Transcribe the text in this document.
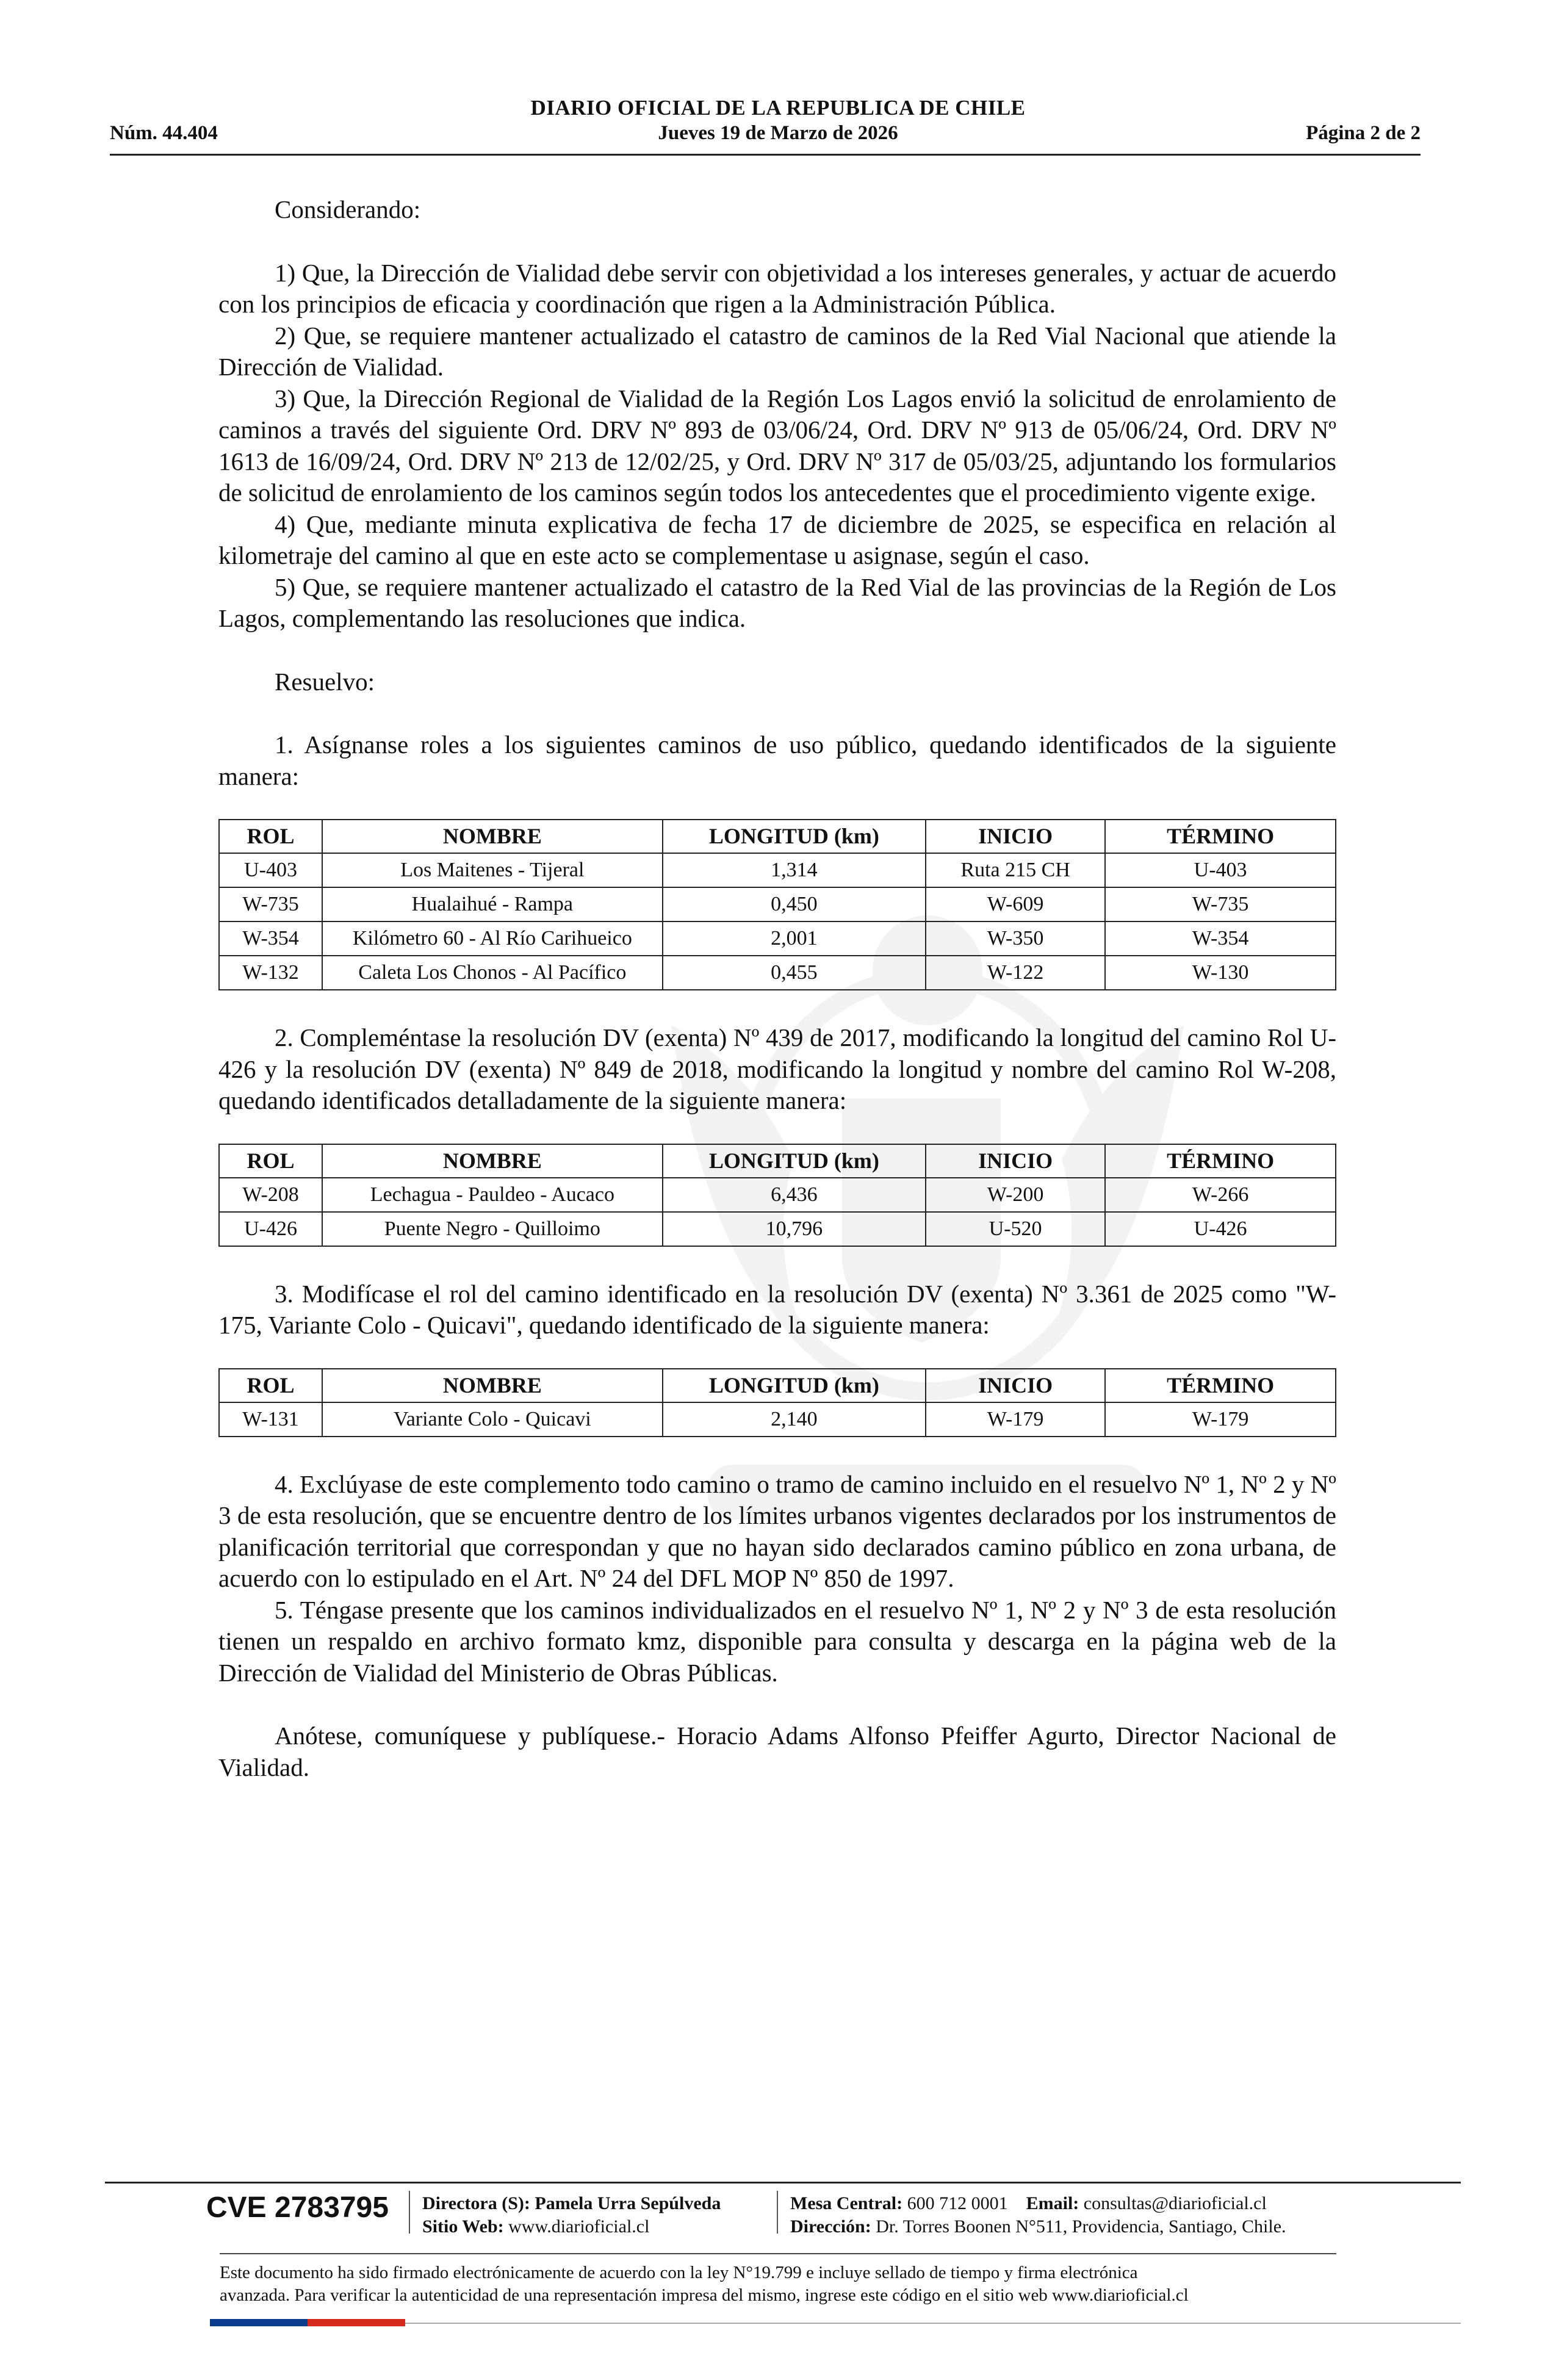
DIARIO OFICIAL DE LA REPUBLICA DE CHILE
Núm. 44.404	Jueves 19 de Marzo de 2026	Página 2 de 2

Considerando:

1) Que, la Dirección de Vialidad debe servir con objetividad a los intereses generales, y actuar de acuerdo con los principios de eficacia y coordinación que rigen a la Administración Pública.

2) Que, se requiere mantener actualizado el catastro de caminos de la Red Vial Nacional que atiende la Dirección de Vialidad.

3) Que, la Dirección Regional de Vialidad de la Región Los Lagos envió la solicitud de enrolamiento de caminos a través del siguiente Ord. DRV Nº 893 de 03/06/24, Ord. DRV Nº 913 de 05/06/24, Ord. DRV Nº 1613 de 16/09/24, Ord. DRV Nº 213 de 12/02/25, y Ord. DRV Nº 317 de 05/03/25, adjuntando los formularios de solicitud de enrolamiento de los caminos según todos los antecedentes que el procedimiento vigente exige.

4) Que, mediante minuta explicativa de fecha 17 de diciembre de 2025, se especifica en relación al kilometraje del camino al que en este acto se complementase u asignase, según el caso.

5) Que, se requiere mantener actualizado el catastro de la Red Vial de las provincias de la Región de Los Lagos, complementando las resoluciones que indica.

Resuelvo:

1. Asígnanse roles a los siguientes caminos de uso público, quedando identificados de la siguiente manera:

ROL	NOMBRE	LONGITUD (km)	INICIO	TÉRMINO
U-403	Los Maitenes - Tijeral	1,314	Ruta 215 CH	U-403
W-735	Hualaihué - Rampa	0,450	W-609	W-735
W-354	Kilómetro 60 - Al Río Carihueico	2,001	W-350	W-354
W-132	Caleta Los Chonos - Al Pacífico	0,455	W-122	W-130

2. Compleméntase la resolución DV (exenta) Nº 439 de 2017, modificando la longitud del camino Rol U-426 y la resolución DV (exenta) Nº 849 de 2018, modificando la longitud y nombre del camino Rol W-208, quedando identificados detalladamente de la siguiente manera:

ROL	NOMBRE	LONGITUD (km)	INICIO	TÉRMINO
W-208	Lechagua - Pauldeo - Aucaco	6,436	W-200	W-266
U-426	Puente Negro - Quilloimo	10,796	U-520	U-426

3. Modifícase el rol del camino identificado en la resolución DV (exenta) Nº 3.361 de 2025 como "W-175, Variante Colo - Quicavi", quedando identificado de la siguiente manera:

ROL	NOMBRE	LONGITUD (km)	INICIO	TÉRMINO
W-131	Variante Colo - Quicavi	2,140	W-179	W-179

4. Exclúyase de este complemento todo camino o tramo de camino incluido en el resuelvo Nº 1, Nº 2 y Nº 3 de esta resolución, que se encuentre dentro de los límites urbanos vigentes declarados por los instrumentos de planificación territorial que correspondan y que no hayan sido declarados camino público en zona urbana, de acuerdo con lo estipulado en el Art. Nº 24 del DFL MOP Nº 850 de 1997.

5. Téngase presente que los caminos individualizados en el resuelvo Nº 1, Nº 2 y Nº 3 de esta resolución tienen un respaldo en archivo formato kmz, disponible para consulta y descarga en la página web de la Dirección de Vialidad del Ministerio de Obras Públicas.

Anótese, comuníquese y publíquese.- Horacio Adams Alfonso Pfeiffer Agurto, Director Nacional de Vialidad.

CVE 2783795 Directora (S): Pamela Urra Sepúlveda
Sitio Web: www.diarioficial.cl
Mesa Central: 600 712 0001 Email: consultas@diarioficial.cl
Dirección: Dr. Torres Boonen N°511, Providencia, Santiago, Chile.
Este documento ha sido firmado electrónicamente de acuerdo con la ley N°19.799 e incluye sellado de tiempo y firma electrónica
avanzada. Para verificar la autenticidad de una representación impresa del mismo, ingrese este código en el sitio web www.diarioficial.cl
